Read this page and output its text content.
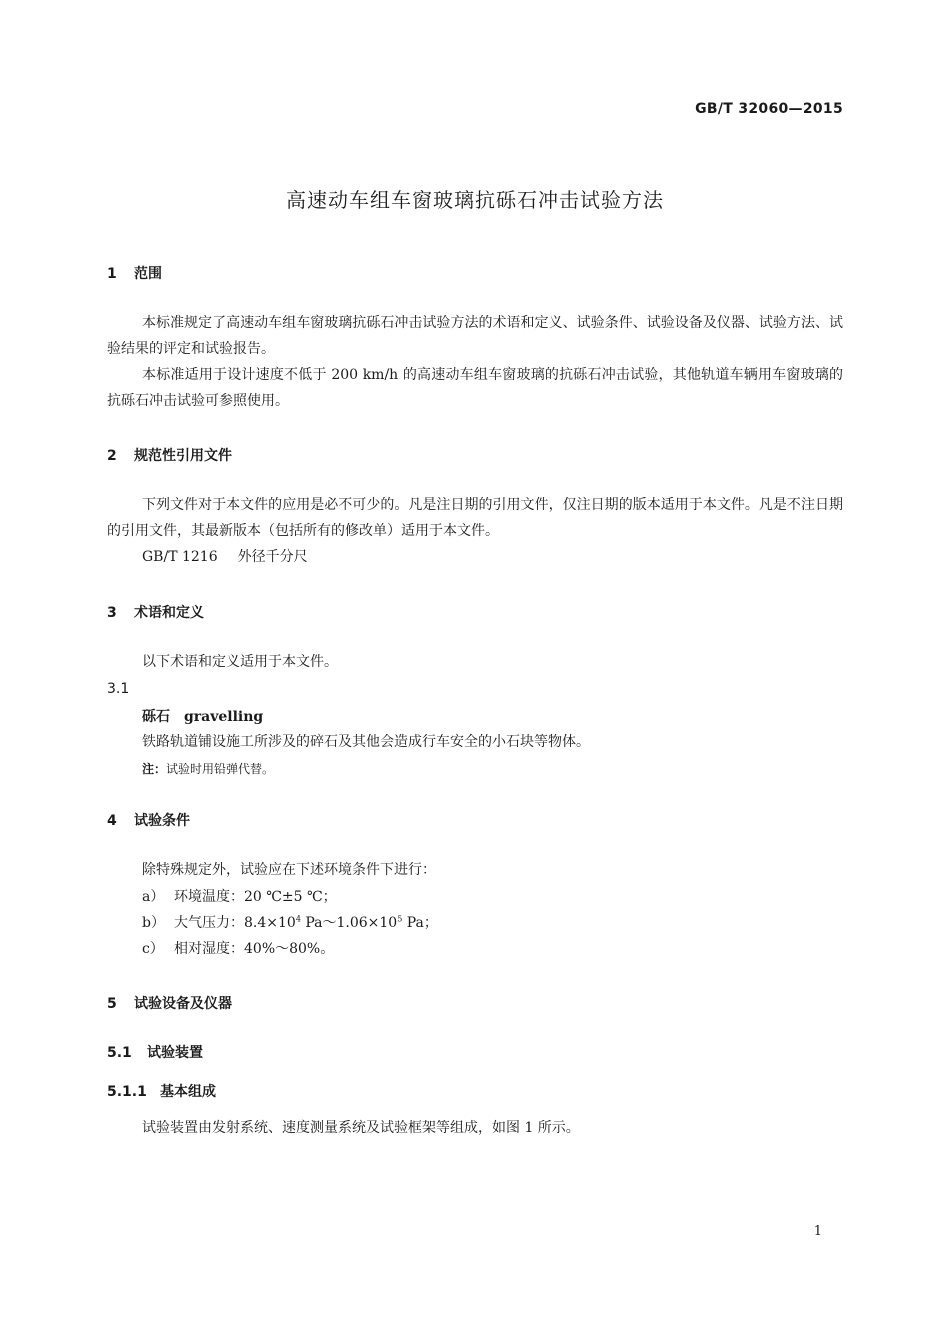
GB/T 32060—2015
高速动车组车窗玻璃抗砾石冲击试验方法
1 范围
本标准规定了高速动车组车窗玻璃抗砾石冲击试验方法的术语和定义、试验条件、试验设备及仪器、试验方法、试验结果的评定和试验报告。
本标准适用于设计速度不低于 200 km/h 的高速动车组车窗玻璃的抗砾石冲击试验，其他轨道车辆用车窗玻璃的抗砾石冲击试验可参照使用。
2 规范性引用文件
下列文件对于本文件的应用是必不可少的。凡是注日期的引用文件，仅注日期的版本适用于本文件。凡是不注日期的引用文件，其最新版本（包括所有的修改单）适用于本文件。
GB/T 1216 外径千分尺
3 术语和定义
以下术语和定义适用于本文件。
3.1
砾石 gravelling
铁路轨道铺设施工所涉及的碎石及其他会造成行车安全的小石块等物体。
注：试验时用铅弹代替。
4 试验条件
除特殊规定外，试验应在下述环境条件下进行：
a） 环境温度：20 ℃±5 ℃；
b） 大气压力：$8.4\times 10^4$ $Pa\sim 1.06\times 10^5$ Pa；
c） 相对湿度：40%～80%。
5 试验设备及仪器
5.1 试验装置
5.1.1 基本组成
试验装置由发射系统、速度测量系统及试验框架等组成，如图 1 所示。
1
